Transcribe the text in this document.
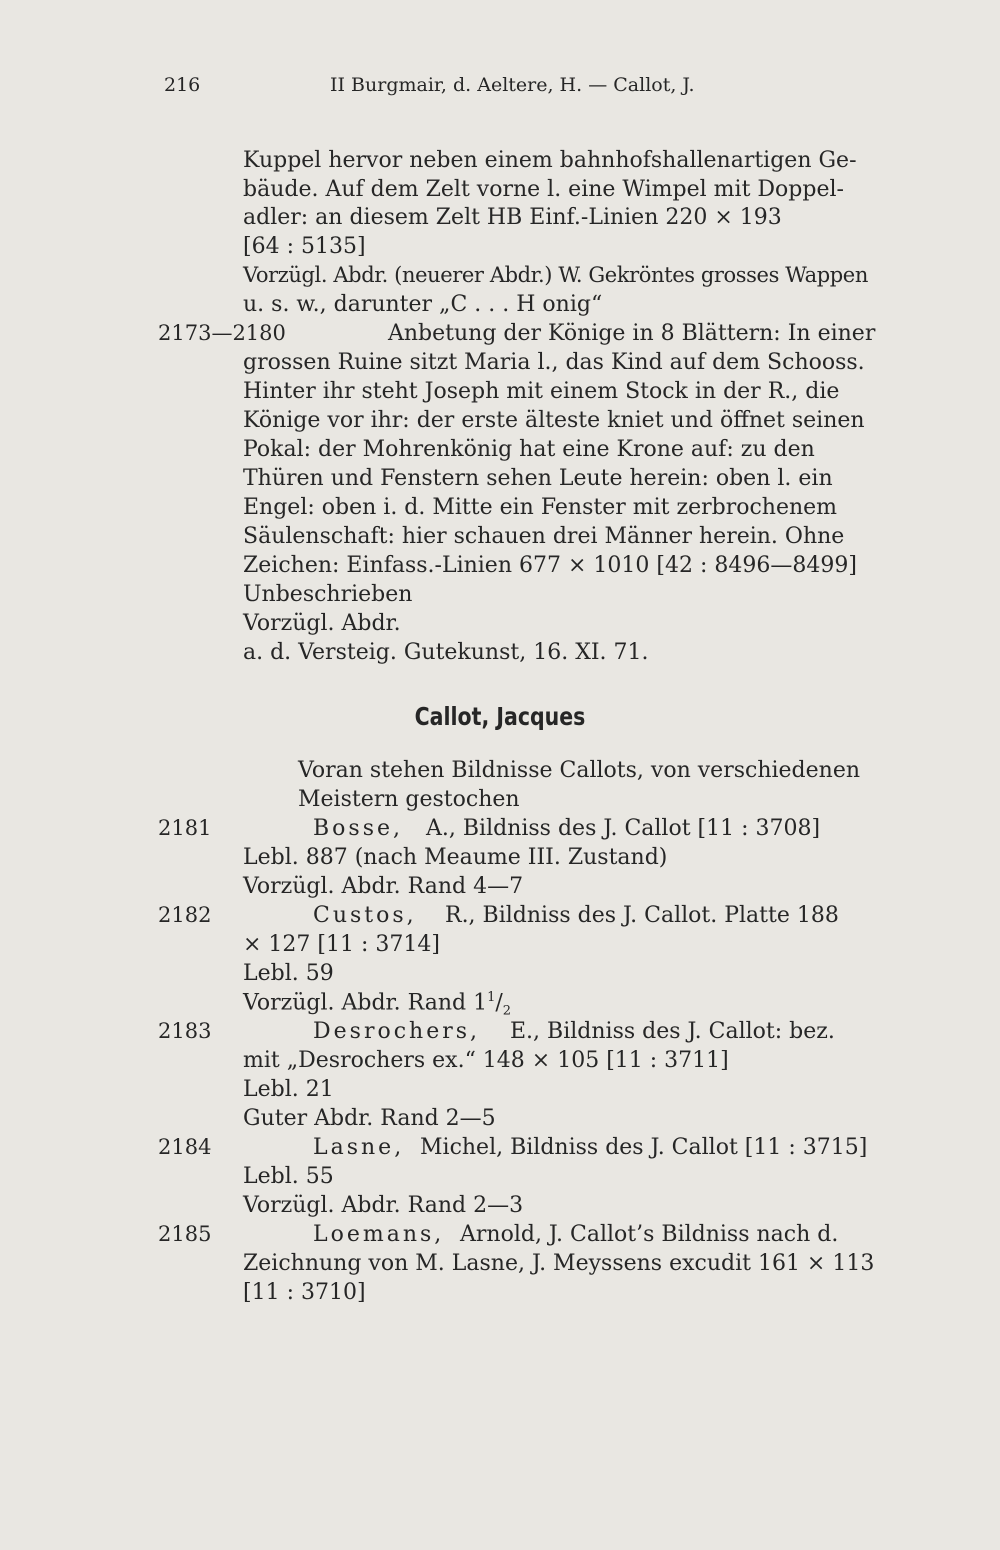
216	II Burgmair, d. Aeltere, H. — Callot, J.
Kuppel hervor neben einem bahnhofshallenartigen Ge-
bäude. Auf dem Zelt vorne l. eine Wimpel mit Doppel-
adler: an diesem Zelt HB Einf.-Linien 220 ⨯ 193
[64 : 5135]
Vorzügl. Abdr. (neuerer Abdr.) W. Gekröntes grosses Wappen
u. s. w., darunter „C . . . H onig“
2173—2180	Anbetung der Könige in 8 Blättern: In einer
grossen Ruine sitzt Maria l., das Kind auf dem Schooss.
Hinter ihr steht Joseph mit einem Stock in der R., die
Könige vor ihr: der erste älteste kniet und öffnet seinen
Pokal: der Mohrenkönig hat eine Krone auf: zu den
Thüren und Fenstern sehen Leute herein: oben l. ein
Engel: oben i. d. Mitte ein Fenster mit zerbrochenem
Säulenschaft: hier schauen drei Männer herein. Ohne
Zeichen: Einfass.-Linien 677 ⨯ 1010 [42 : 8496—8499]
Unbeschrieben
Vorzügl. Abdr.
a. d. Versteig. Gutekunst, 16. XI. 71.
Callot, Jacques
Voran stehen Bildnisse Callots, von verschiedenen
Meistern gestochen
2181	Bosse, A., Bildniss des J. Callot [11 : 3708]
Lebl. 887 (nach Meaume III. Zustand)
Vorzügl. Abdr. Rand 4—7
2182	Custos, R., Bildniss des J. Callot. Platte 188
⨯ 127 [11 : 3714]
Lebl. 59
Vorzügl. Abdr. Rand $1^1/_2$
2183	Desrochers, E., Bildniss des J. Callot: bez.
mit „Desrochers ex.“ 148 ⨯ 105 [11 : 3711]
Lebl. 21
Guter Abdr. Rand 2—5
2184	Lasne, Michel, Bildniss des J. Callot [11 : 3715]
Lebl. 55
Vorzügl. Abdr. Rand 2—3
2185	Loemans, Arnold, J. Callot’s Bildniss nach d.
Zeichnung von M. Lasne, J. Meyssens excudit 161 ⨯ 113
[11 : 3710]
